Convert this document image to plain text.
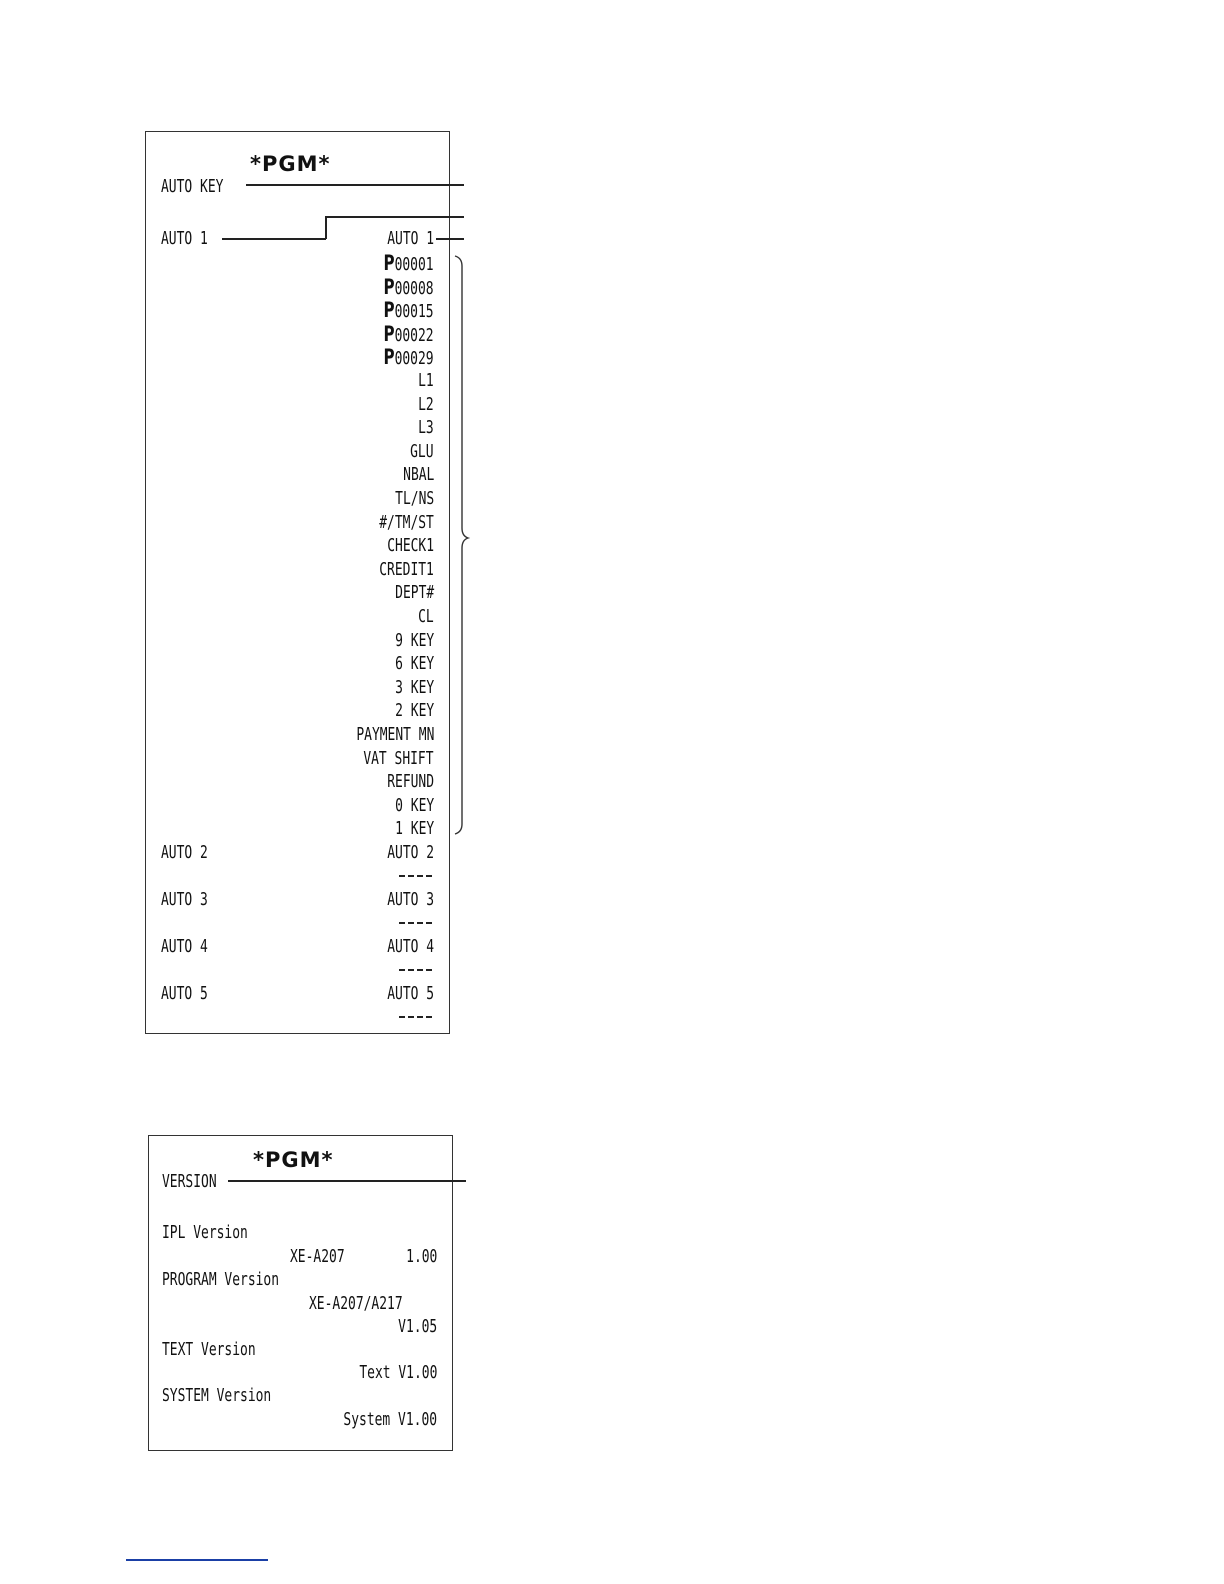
*PGM*
AUTO KEY
AUTO 1	AUTO 1
P00001
P00008
P00015
P00022
P00029
L1
L2
L3
GLU
NBAL
TL/NS
#/TM/ST
CHECK1
CREDIT1
DEPT#
CL
9 KEY
6 KEY
3 KEY
2 KEY
PAYMENT MN
VAT SHIFT
REFUND
0 KEY
1 KEY
AUTO 2	AUTO 2
AUTO 3	AUTO 3
AUTO 4	AUTO 4
AUTO 5	AUTO 5
*PGM*
VERSION
IPL Version
XE-A207	1.00
PROGRAM Version
XE-A207/A217
V1.05
TEXT Version
Text V1.00
SYSTEM Version
System V1.00
